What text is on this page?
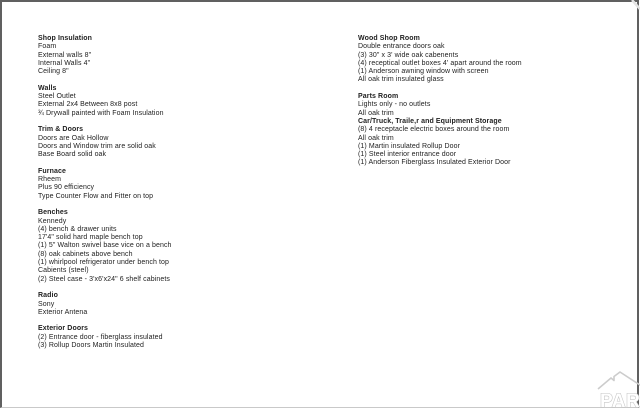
Shop Insulation
Foam
External walls 8"
Internal Walls 4"
Ceiling 8"
Walls
Steel Outlet
External 2x4 Between 8x8 post
¾ Drywall painted with Foam Insulation
Trim & Doors
Doors are Oak Hollow
Doors and Window trim are solid oak
Base Board solid oak
Furnace
Rheem
Plus 90 efficiency
Type Counter Flow and Fitter on top
Benches
Kennedy
(4) bench & drawer units
17'4" solid hard maple bench top
(1) 5" Walton swivel base vice on a bench
(8) oak cabinets above bench
(1) whirlpool refrigerator under bench top
Cabients (steel)
(2) Steel case - 3'x6'x24" 6 shelf cabinets
Radio
Sony
Exterior Antena
Exterior Doors
(2) Entrance door - fiberglass insulated
(3) Rollup Doors Martin Insulated
Wood Shop Room
Double entrance doors oak
(3) 30" x 3' wide oak cabenents
(4) receptical outlet boxes 4' apart around the room
(1) Anderson awning window with screen
All oak trim insulated glass
Parts Room
Lights only - no outlets
All oak trim
Car/Truck, Traile,r and Equipment Storage
(8) 4 receptacle electric boxes around the room
All oak trim
(1) Martin insulated Rollup Door
(1) Steel interior entrance door
(1) Anderson Fiberglass Insulated Exterior Door
PAR
